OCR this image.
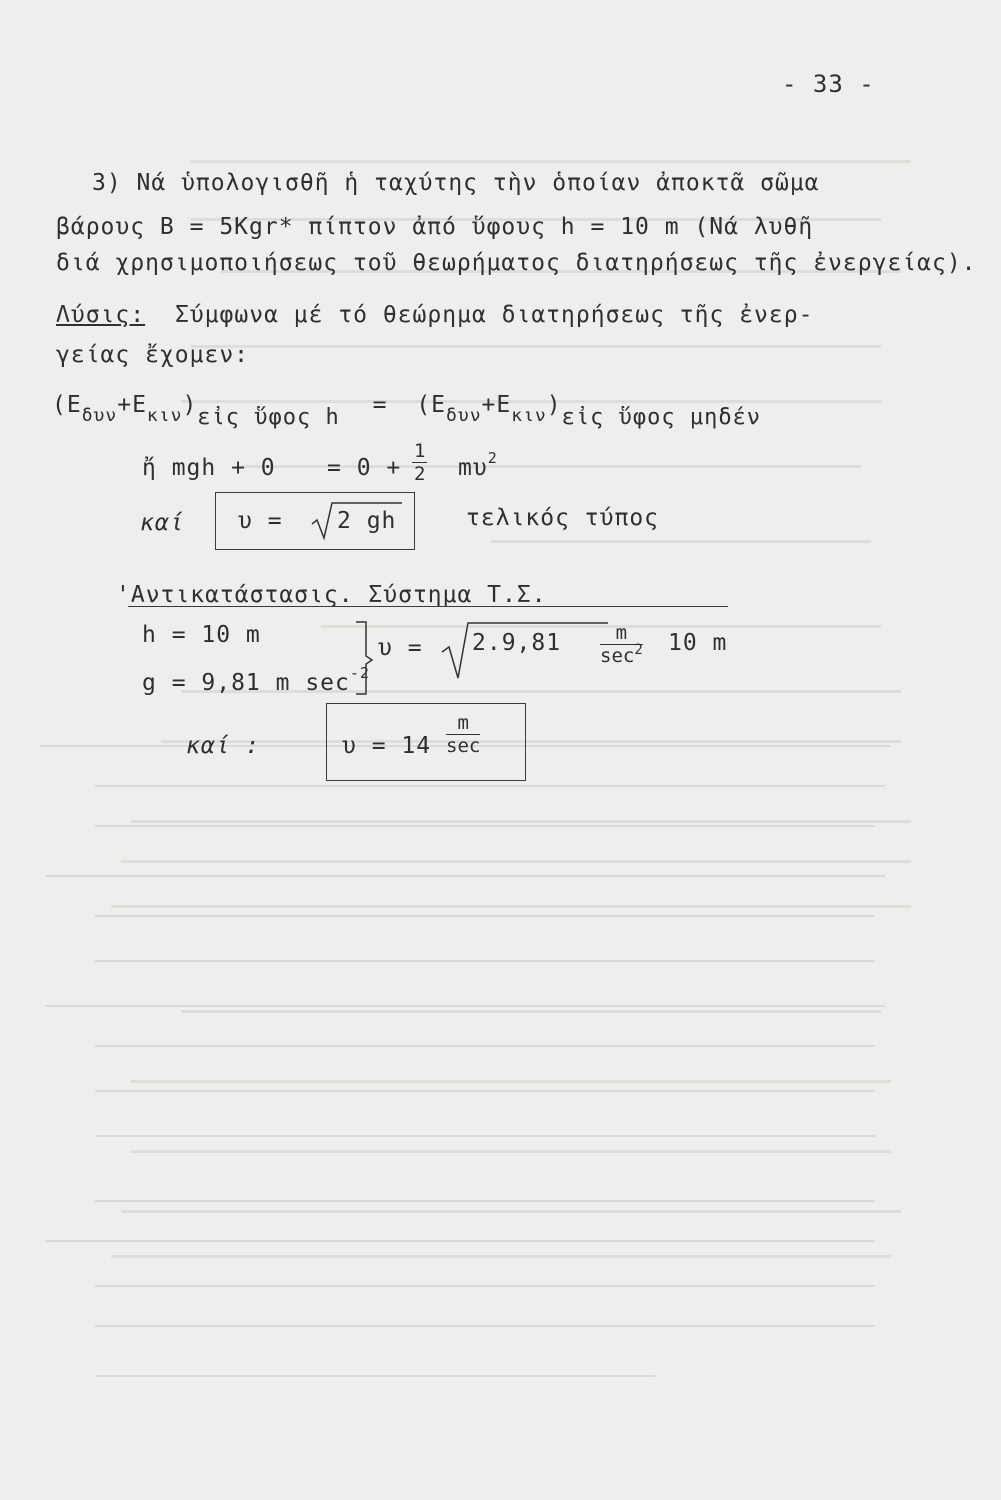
- 33 -
3) Νά ὑπολογισθῆ ἡ ταχύτης τὴν ὁποίαν ἀποκτᾶ σῶμα
βάρους Β = 5Kgr* πίπτον ἀπό ὕφους h = 10 m (Νά λυθῆ
διά χρησιμοποιήσεως τοῦ θεωρήματος διατηρήσεως τῆς ἐνεργείας).
Λύσις: Σύμφωνα μέ τό θεώρημα διατηρήσεως τῆς ἐνερ-
γείας ἔχομεν:
$(E_{\delta\upsilon\nu}+E_{\kappa\iota\nu})\varepsilon ἰ\varsigma$ ὕφος $h = (E_{\delta\upsilon\nu}+E_{\kappa\iota\nu})\varepsilon ἰ\varsigma$ ὕφος μηδέν
ἤ mgh + $0 = 0 + \frac{1}{2} m\upsilon^2$
καί υ = 2 gh	τελικός τύπος
'Αντικατάστασις. Σύστημα Τ.Σ.
h = 10 m
g = 9,81 m $\sec^{-2}$
υ = 2.9,81	m
$\sec^2 10$ m
καί :	υ = 14
m
sec
